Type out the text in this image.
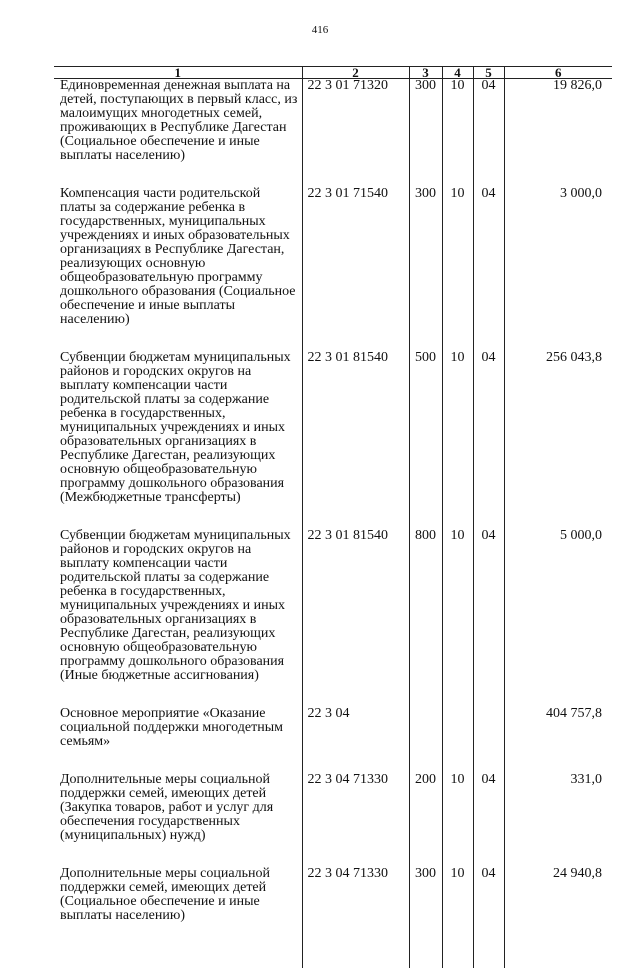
416
1	2	3	4	5	6
Единовременная денежная выплата на детей, поступающих в первый класс, из малоимущих многодетных семей, проживающих в Республике Дагестан (Социальное обеспечение и иные выплаты населению)	22 3 01 71320	300	10	04	19 826,0
Компенсация части родительской платы за содержание ребенка в государственных, муниципальных учреждениях и иных образовательных организациях в Республике Дагестан, реализующих основную общеобразовательную программу дошкольного образования (Социальное обеспечение и иные выплаты населению)	22 3 01 71540	300	10	04	3 000,0
Субвенции бюджетам муниципальных районов и городских округов на выплату компенсации части родительской платы за содержание ребенка в государственных, муниципальных учреждениях и иных образовательных организациях в Республике Дагестан, реализующих основную общеобразовательную программу дошкольного образования (Межбюджетные трансферты)	22 3 01 81540	500	10	04	256 043,8
Субвенции бюджетам муниципальных районов и городских округов на выплату компенсации части родительской платы за содержание ребенка в государственных, муниципальных учреждениях и иных образовательных организациях в Республике Дагестан, реализующих основную общеобразовательную программу дошкольного образования (Иные бюджетные ассигнования)	22 3 01 81540	800	10	04	5 000,0
Основное мероприятие «Оказание социальной поддержки многодетным семьям»	22 3 04				404 757,8
Дополнительные меры социальной поддержки семей, имеющих детей (Закупка товаров, работ и услуг для обеспечения государственных (муниципальных) нужд)	22 3 04 71330	200	10	04	331,0
Дополнительные меры социальной поддержки семей, имеющих детей (Социальное обеспечение и иные выплаты населению)	22 3 04 71330	300	10	04	24 940,8
